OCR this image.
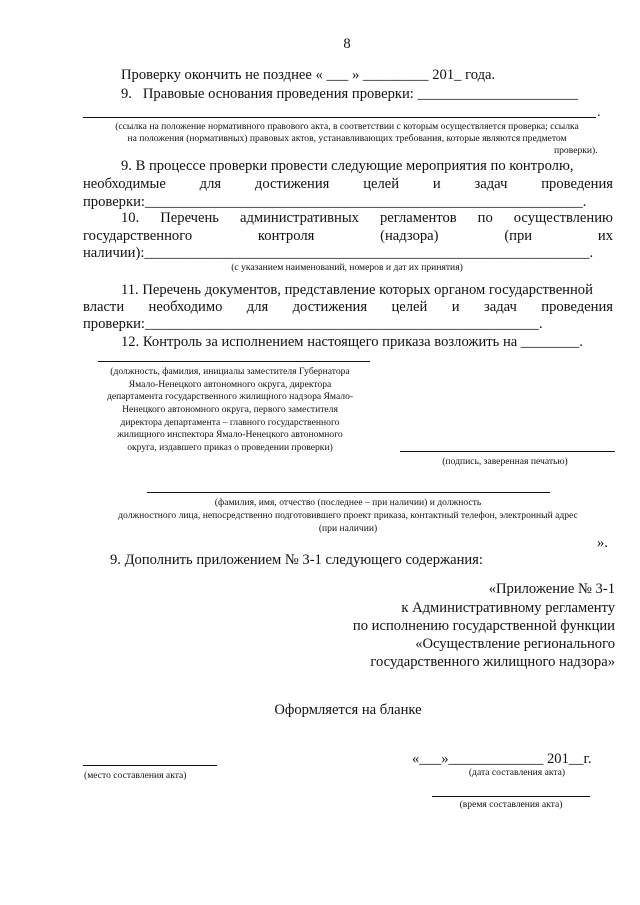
8
Проверку окончить не позднее « ___ » _________ 201_ года.
9.   Правовые основания проведения проверки: ______________________
.
(ссылка на положение нормативного правового акта, в соответствии с которым осуществляется проверка; ссылка
на положения (нормативных) правовых актов, устанавливающих требования, которые являются предметом
проверки).
9. В процессе проверки провести следующие мероприятия по контролю,
необходимые для достижения целей и задач проведения
проверки:____________________________________________________________.
10. Перечень административных регламентов по осуществлению
государственного	контроля	(надзора)	(при	их
наличии):_____________________________________________________________.
(с указанием наименований, номеров и дат их принятия)
11. Перечень документов, представление которых органом государственной
власти необходимо для достижения целей и задач проведения
проверки:______________________________________________________.
12. Контроль за исполнением настоящего приказа возложить на ________.
(должность, фамилия, инициалы заместителя Губернатора
Ямало-Ненецкого автономного округа, директора
департамента государственного жилищного надзора Ямало-
Ненецкого автономного округа, первого заместителя
директора департамента – главного государственного
жилищного инспектора Ямало-Ненецкого автономного
округа, издавшего приказ о проведении проверки)
(подпись, заверенная печатью)
(фамилия, имя, отчество (последнее – при наличии) и должность
должностного лица, непосредственно подготовившего проект приказа, контактный телефон, электронный адрес
(при наличии)
».
9. Дополнить приложением № 3-1 следующего содержания:
«Приложение № 3-1
к Административному регламенту
по исполнению государственной функции
«Осуществление регионального
государственного жилищного надзора»
Оформляется на бланке
(место составления акта)
«___»_____________ 201__г.
(дата составления акта)
(время составления акта)
